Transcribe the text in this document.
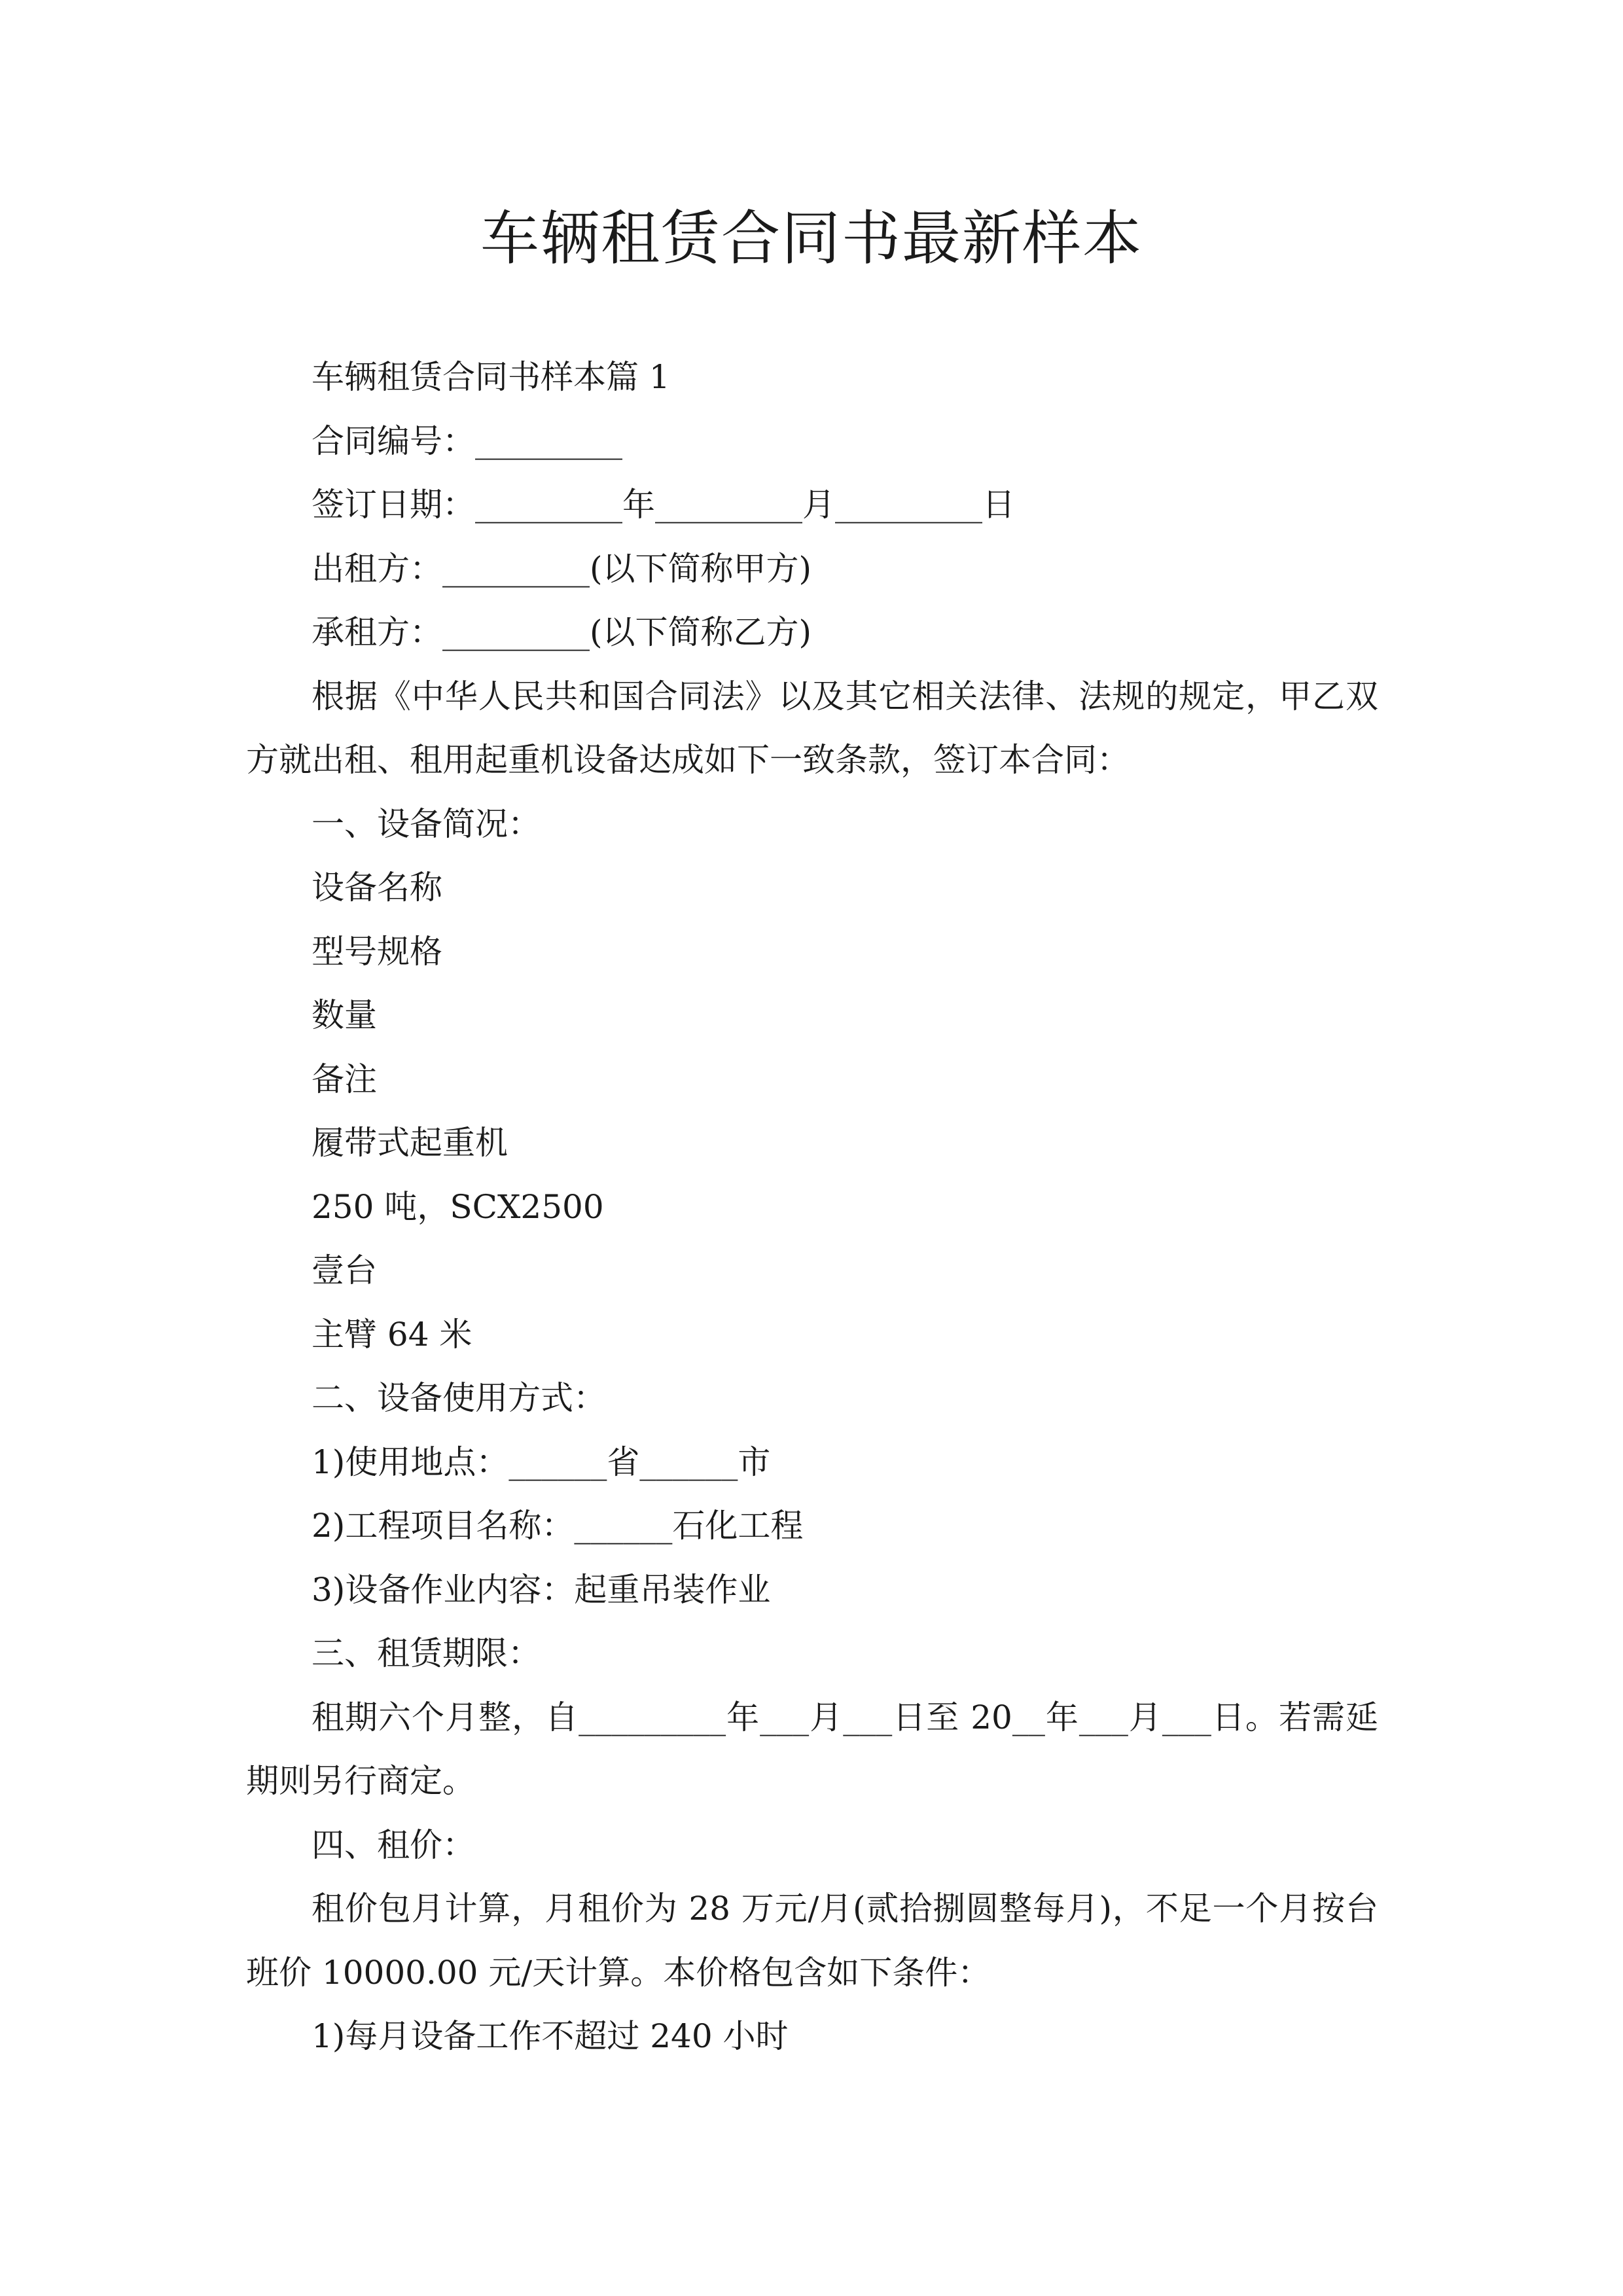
车辆租赁合同书最新样本

车辆租赁合同书样本篇 1

合同编号：_________

签订日期：_________年_________月_________日

出租方：_________(以下简称甲方)

承租方：_________(以下简称乙方)

根据《中华人民共和国合同法》以及其它相关法律、法规的规定，甲乙双方就出租、租用起重机设备达成如下一致条款，签订本合同：

一、设备简况：

设备名称

型号规格

数量

备注

履带式起重机

250 吨，SCX2500

壹台

主臂 64 米

二、设备使用方式：

1)使用地点：______省______市

2)工程项目名称：______石化工程

3)设备作业内容：起重吊装作业

三、租赁期限：

租期六个月整，自_________年___月___日至 20__年___月___日。若需延期则另行商定。

四、租价：

租价包月计算，月租价为 28 万元/月(贰拾捌圆整每月)，不足一个月按台班价 10000.00 元/天计算。本价格包含如下条件：

1)每月设备工作不超过 240 小时
